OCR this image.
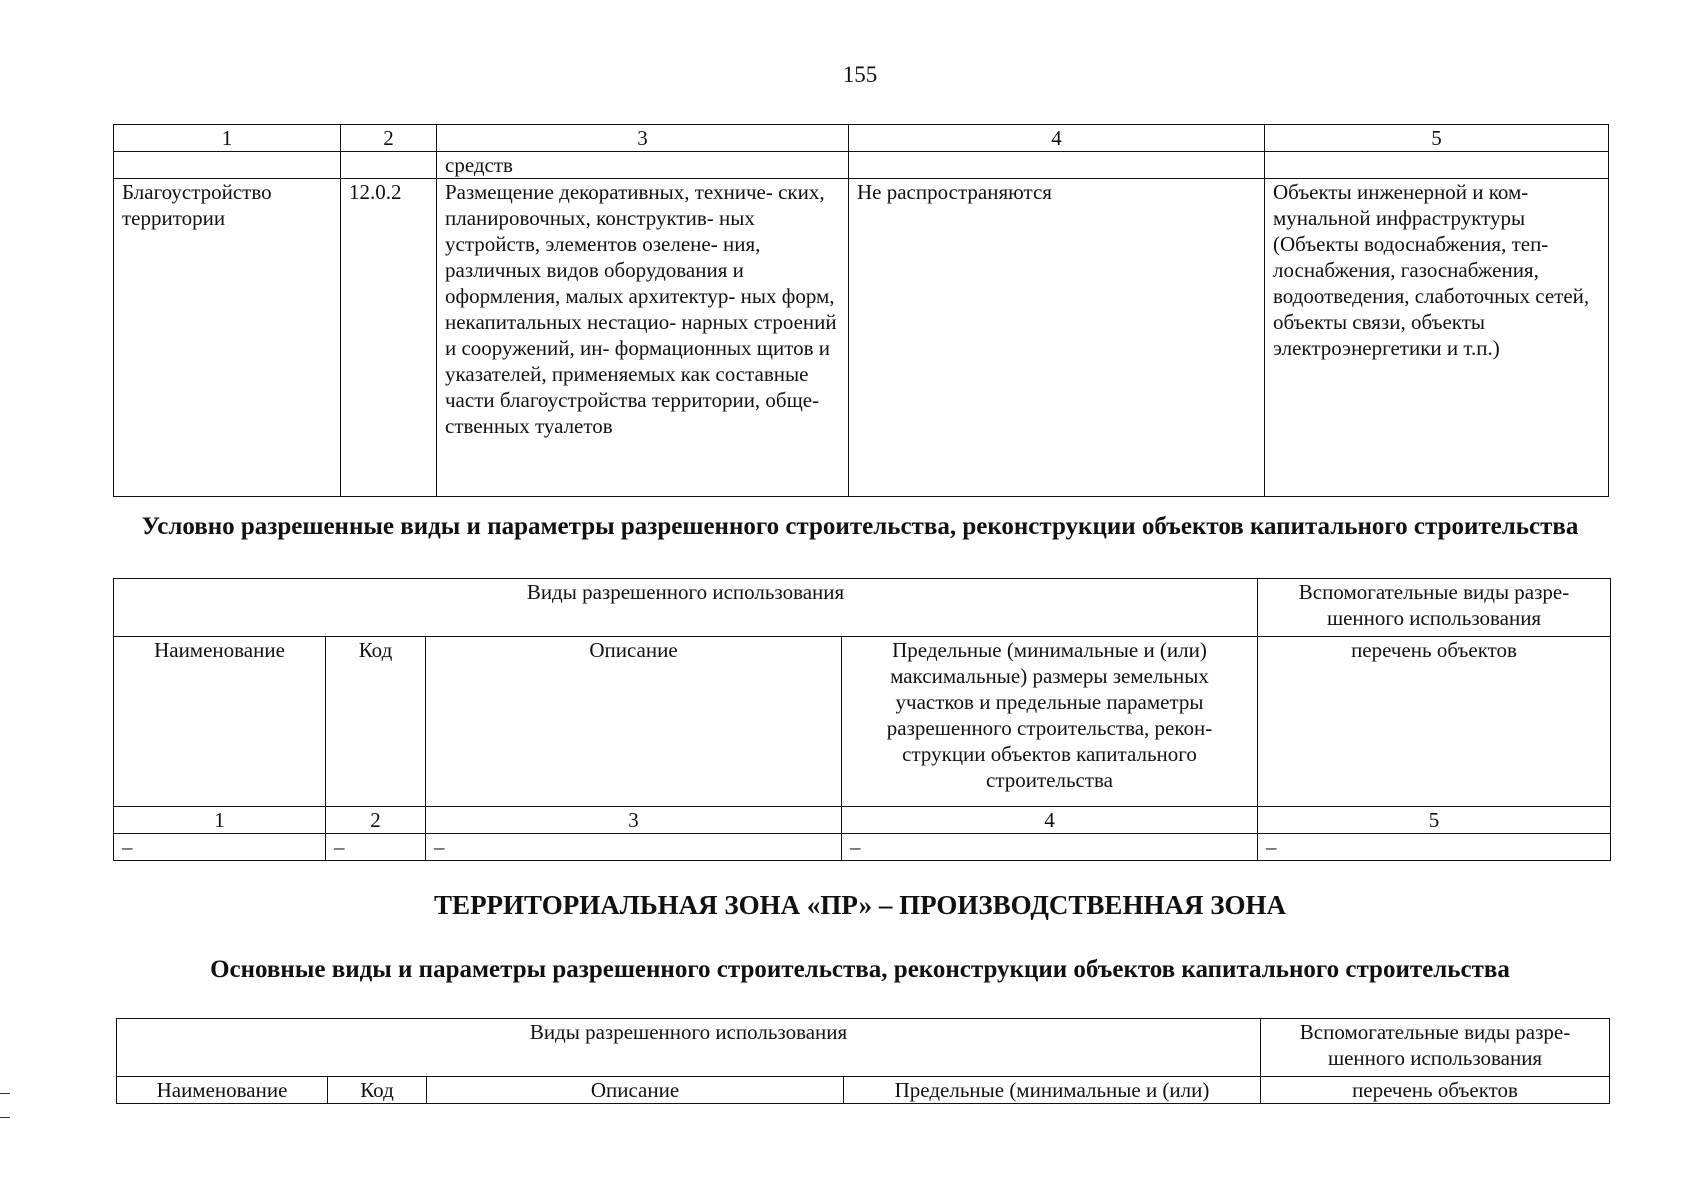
155
1	2	3	4	5
		средств		
Благоустройство территории	12.0.2	Размещение декоративных, техниче- ских, планировочных, конструктив- ных устройств, элементов озелене- ния, различных видов оборудования и оформления, малых архитектур- ных форм, некапитальных нестацио- нарных строений и сооружений, ин- формационных щитов и указателей, применяемых как составные части благоустройства территории, обще- ственных туалетов	Не распространяются	Объекты инженерной и ком- мунальной инфраструктуры (Объекты водоснабжения, теп- лоснабжения, газоснабжения, водоотведения, слаботочных сетей, объекты связи, объекты электроэнергетики и т.п.)
Условно разрешенные виды и параметры разрешенного строительства, реконструкции объектов капитального строительства
Виды разрешенного использования				Вспомогательные виды разре- шенного использования
Наименование	Код	Описание	Предельные (минимальные и (или) максимальные) размеры земельных участков и предельные параметры разрешенного строительства, рекон- струкции объектов капитального строительства	перечень объектов
1	2	3	4	5
–	–	–	–	–
ТЕРРИТОРИАЛЬНАЯ ЗОНА «ПР» – ПРОИЗВОДСТВЕННАЯ ЗОНА
Основные виды и параметры разрешенного строительства, реконструкции объектов капитального строительства
Виды разрешенного использования				Вспомогательные виды разре- шенного использования
Наименование	Код	Описание	Предельные (минимальные и (или)	перечень объектов
